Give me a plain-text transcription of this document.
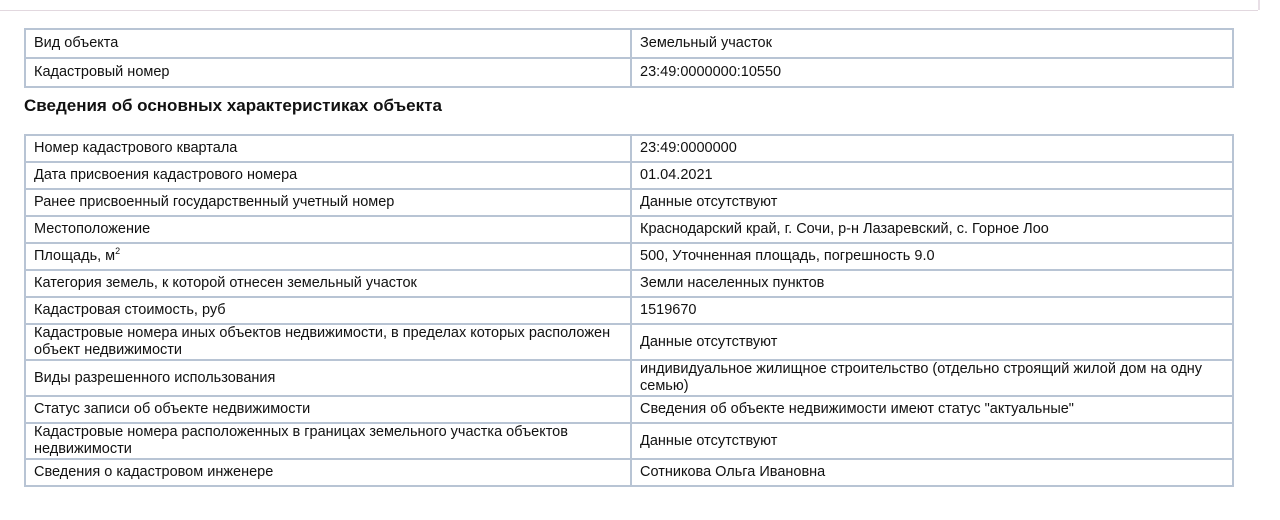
Вид объекта	Земельный участок
Кадастровый номер	23:49:0000000:10550
Сведения об основных характеристиках объекта
Номер кадастрового квартала	23:49:0000000
Дата присвоения кадастрового номера	01.04.2021
Ранее присвоенный государственный учетный номер	Данные отсутствуют
Местоположение	Краснодарский край, г. Сочи, р-н Лазаревский, с. Горное Лоо
Площадь, $м^2$	500, Уточненная площадь, погрешность 9.0
Категория земель, к которой отнесен земельный участок	Земли населенных пунктов
Кадастровая стоимость, руб	1519670
Кадастровые номера иных объектов недвижимости, в пределах которых расположен объект недвижимости	Данные отсутствуют
Виды разрешенного использования	индивидуальное жилищное строительство (отдельно строящий жилой дом на одну семью)
Статус записи об объекте недвижимости	Сведения об объекте недвижимости имеют статус "актуальные"
Кадастровые номера расположенных в границах земельного участка объектов недвижимости	Данные отсутствуют
Сведения о кадастровом инженере	Сотникова Ольга Ивановна
